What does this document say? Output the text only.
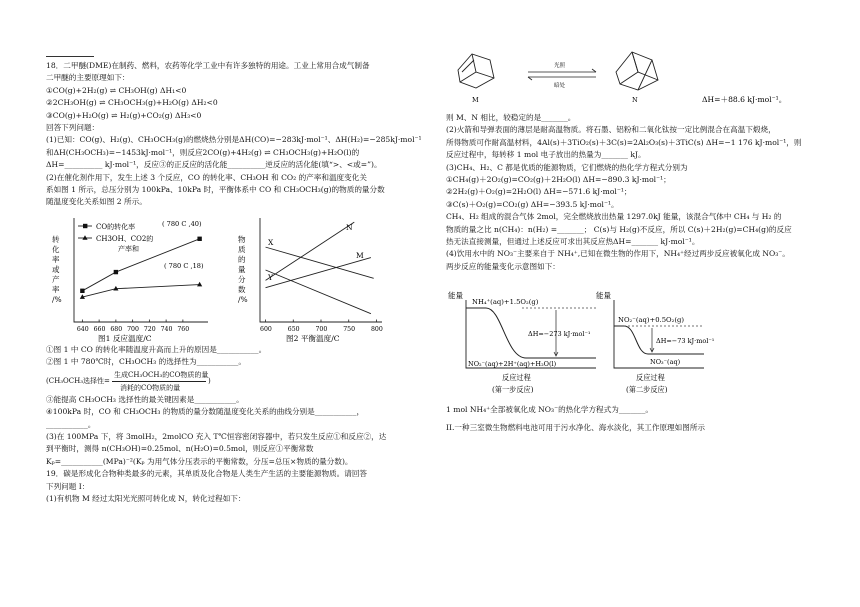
18．二甲醚(DME)在制药、燃料，农药等化学工业中有许多独特的用途。工业上常用合成气制备

二甲醚的主要原理如下：

①CO(g)+2H₂(g) ⇌ CH₃OH(g) ΔH₁<0

②2CH₃OH(g) ⇌ CH₃OCH₃(g)+H₂O(g) ΔH₂<0

③CO(g)+H₂O(g) ⇌ H₂(g)+CO₂(g) ΔH₃<0

回答下列问题：

(1)已知：CO(g)、H₂(g)、CH₃OCH₃(g)的燃烧热分别是ΔH(CO)=−283kJ·mol⁻¹、ΔH(H₂)=−285kJ·mol⁻¹

和ΔH(CH₃OCH₃)=−1453kJ·mol⁻¹，则反应2CO(g)+4H₂(g) ⇌ CH₃OCH₃(g)+H₂O(l)的

ΔH=__________ kJ·mol⁻¹，反应③的正反应的活化能__________逆反应的活化能(填“>、<或=”)。

(2)在催化剂作用下，发生上述 3 个反应，CO 的转化率、CH₃OH 和 CO₂ 的产率和温度变化关

系如图 1 所示，总压分别为 100kPa、10kPa 时，平衡体系中 CO 和 CH₃OCH₃(g)的物质的量分数

随温度变化关系如图 2 所示。

转
化
率
或
产
率
/%
640 660 680 700 720 740 760
CO的转化率
CH3OH、CO2的
产率和
( 780 C ,40)
( 780 C ,18)
图1 反应温度/C
物
质
的
量
分
数
/%
600	650	700	750	800
N
M
X
Y
图2 平衡温度/C

①图 1 中 CO 的转化率随温度升高而上升的原因是___________。

②图 1 中 780℃时，CH₃OCH₃ 的选择性为___________。

(CH₃OCH₃选择性=
生成CH₃OCH₃的CO物质的量
消耗的CO物质的量
)

③能提高 CH₃OCH₃ 选择性的最关键因素是___________。

④100kPa 时，CO 和 CH₃OCH₃ 的物质的量分数随温度变化关系的曲线分别是___________，

___________。

(3)在 100MPa 下，将 3molH₂，2molCO 充入 T℃恒容密闭容器中，若只发生反应①和反应②，达

到平衡时，测得 n(CH₃OH)=0.25mol、n(H₂O)=0.5mol，则反应①平衡常数

Kₚ=___________(MPa)⁻²(Kₚ 为用气体分压表示的平衡常数，分压=总压×物质的量分数)。

19．碳是形成化合物种类最多的元素，其单质及化合物是人类生产生活的主要能源物质。请回答

下列问题 I：

(1)有机物 M 经过太阳光光照可转化成 N，转化过程如下：

M
光照
暗处
N	ΔH=＋88.6 kJ·mol⁻¹。

则 M、N 相比，较稳定的是_______。

(2)火箭和导弹表面的薄层是耐高温物质。将石墨、铝粉和二氧化钛按一定比例混合在高温下煅烧，

所得物质可作耐高温材料，4Al(s)＋3TiO₂(s)＋3C(s)=2Al₂O₃(s)＋3TiC(s) ΔH=−1 176 kJ·mol⁻¹，则

反应过程中，每转移 1 mol 电子放出的热量为_______ kJ。

(3)CH₄、H₂、C 都是优质的能源物质，它们燃烧的热化学方程式分别为

①CH₄(g)＋2O₂(g)=CO₂(g)＋2H₂O(l) ΔH=−890.3 kJ·mol⁻¹；

②2H₂(g)＋O₂(g)=2H₂O(l) ΔH=−571.6 kJ·mol⁻¹；

③C(s)＋O₂(g)=CO₂(g) ΔH=−393.5 kJ·mol⁻¹。

CH₄、H₂ 组成的混合气体 2mol，完全燃烧放出热量 1297.0kJ 能量，该混合气体中 CH₄ 与 H₂ 的

物质的量之比 n(CH₄)：n(H₂) =_______； C(s)与 H₂(g)不反应，所以 C(s)＋2H₂(g)=CH₄(g)的反应

热无法直接测量，但通过上述反应可求出其反应热ΔH=_______ kJ·mol⁻¹。

(4)饮用水中的 NO₃⁻主要来自于 NH₄⁺,已知在微生物的作用下，NH₄⁺经过两步反应被氧化成 NO₃⁻。

两步反应的能量变化示意图如下：

能量
NH₄⁺(aq)+1.5O₂(g)
ΔH=−273 kJ·mol⁻¹
NO₂⁻(aq)+2H⁺(aq)+H₂O(l)
反应过程
(第一步反应)
能量
NO₂⁻(aq)+0.5O₂(g)
ΔH=−73 kJ·mol⁻¹
NO₃⁻(aq)
反应过程
(第二步反应)

1 mol NH₄⁺全部被氧化成 NO₃⁻的热化学方程式为_______。

II.一种三室微生物燃料电池可用于污水净化、海水淡化，其工作原理如图所示
